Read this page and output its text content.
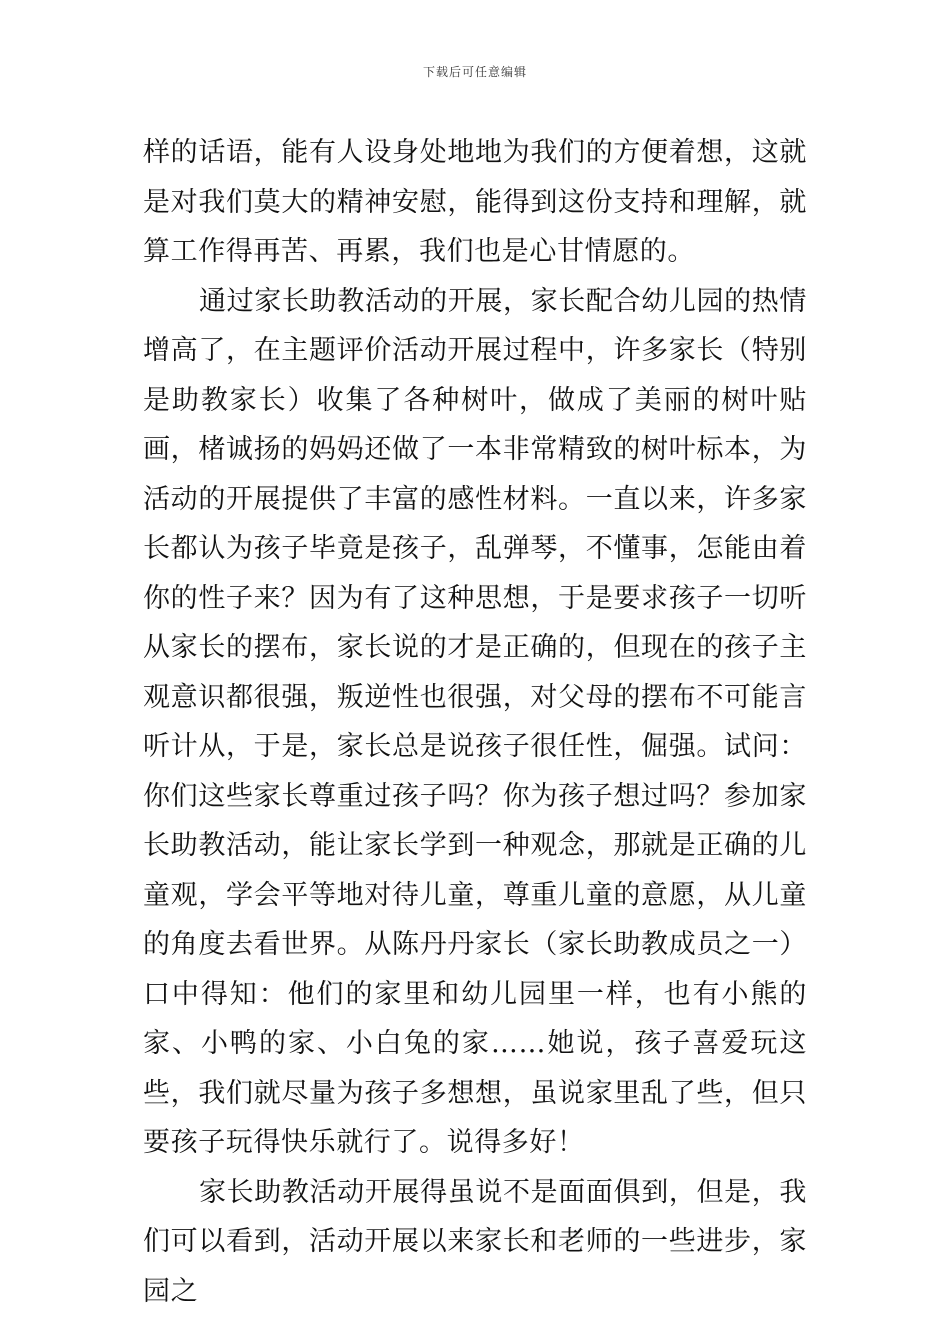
下载后可任意编辑

样的话语，能有人设身处地地为我们的方便着想，这就是对我们莫大的精神安慰，能得到这份支持和理解，就算工作得再苦、再累，我们也是心甘情愿的。

通过家长助教活动的开展，家长配合幼儿园的热情增高了，在主题评价活动开展过程中，许多家长（特别是助教家长）收集了各种树叶，做成了美丽的树叶贴画，楮诚扬的妈妈还做了一本非常精致的树叶标本，为活动的开展提供了丰富的感性材料。一直以来，许多家长都认为孩子毕竟是孩子，乱弹琴，不懂事，怎能由着你的性子来？因为有了这种思想，于是要求孩子一切听从家长的摆布，家长说的才是正确的，但现在的孩子主观意识都很强，叛逆性也很强，对父母的摆布不可能言听计从，于是，家长总是说孩子很任性，倔强。试问：你们这些家长尊重过孩子吗？你为孩子想过吗？参加家长助教活动，能让家长学到一种观念，那就是正确的儿童观，学会平等地对待儿童，尊重儿童的意愿，从儿童的角度去看世界。从陈丹丹家长（家长助教成员之一）口中得知：他们的家里和幼儿园里一样，也有小熊的家、小鸭的家、小白兔的家……她说，孩子喜爱玩这些，我们就尽量为孩子多想想，虽说家里乱了些，但只要孩子玩得快乐就行了。说得多好！

家长助教活动开展得虽说不是面面俱到，但是，我们可以看到，活动开展以来家长和老师的一些进步，家园之
